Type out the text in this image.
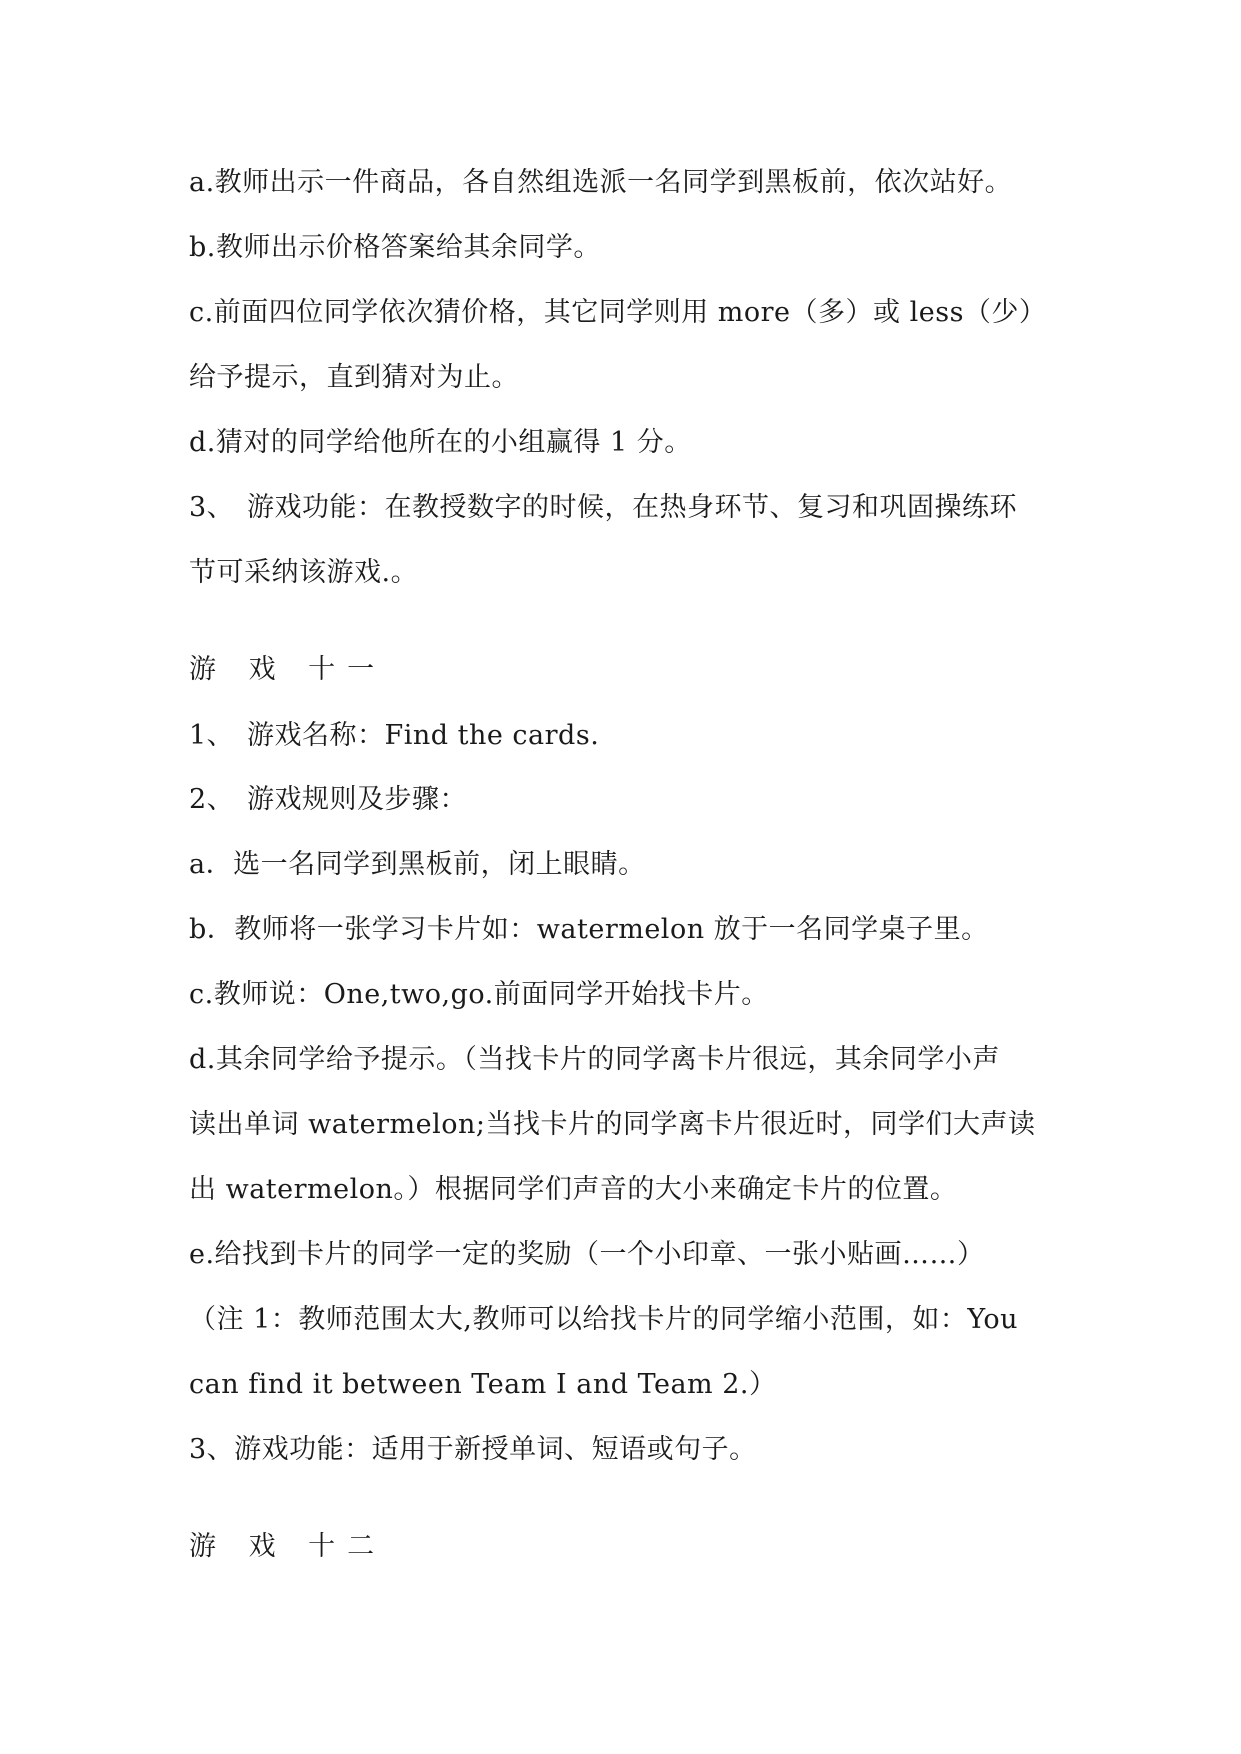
a.教师出示一件商品，各自然组选派一名同学到黑板前，依次站好。
b.教师出示价格答案给其余同学。
c.前面四位同学依次猜价格，其它同学则用 more（多）或 less（少）
给予提示，直到猜对为止。
d.猜对的同学给他所在的小组赢得 1 分。
3、 游戏功能：在教授数字的时候，在热身环节、复习和巩固操练环
节可采纳该游戏.。
游 戏 十一
1、 游戏名称：Find the cards.
2、 游戏规则及步骤：
a．选一名同学到黑板前，闭上眼睛。
b．教师将一张学习卡片如：watermelon 放于一名同学桌子里。
c.教师说：One,two,go.前面同学开始找卡片。
d.其余同学给予提示。（当找卡片的同学离卡片很远，其余同学小声
读出单词 watermelon;当找卡片的同学离卡片很近时，同学们大声读
出 watermelon。）根据同学们声音的大小来确定卡片的位置。
e.给找到卡片的同学一定的奖励（一个小印章、一张小贴画……）
（注 1：教师范围太大,教师可以给找卡片的同学缩小范围，如：You
can find it between Team I and Team 2.）
3、游戏功能：适用于新授单词、短语或句子。
游 戏 十二
